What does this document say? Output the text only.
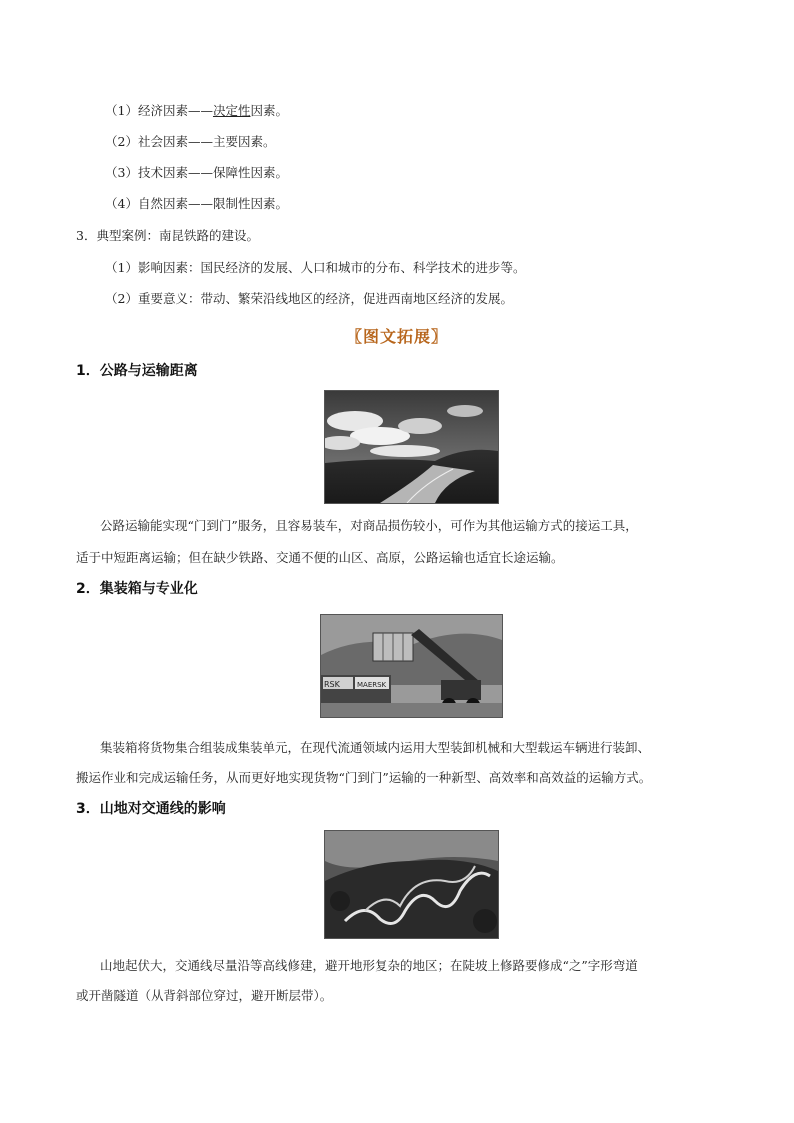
（1）经济因素——决定性因素。
（2）社会因素——主要因素。
（3）技术因素——保障性因素。
（4）自然因素——限制性因素。
3．典型案例：南昆铁路的建设。
（1）影响因素：国民经济的发展、人口和城市的分布、科学技术的进步等。
（2）重要意义：带动、繁荣沿线地区的经济，促进西南地区经济的发展。
〖图文拓展〗
1．公路与运输距离
公路运输能实现“门到门”服务，且容易装车，对商品损伤较小，可作为其他运输方式的接运工具，
适于中短距离运输；但在缺少铁路、交通不便的山区、高原，公路运输也适宜长途运输。
2．集装箱与专业化
RSK MAERSK
集装箱将货物集合组装成集装单元，在现代流通领域内运用大型装卸机械和大型载运车辆进行装卸、
搬运作业和完成运输任务，从而更好地实现货物“门到门”运输的一种新型、高效率和高效益的运输方式。
3．山地对交通线的影响
山地起伏大，交通线尽量沿等高线修建，避开地形复杂的地区；在陡坡上修路要修成“之”字形弯道
或开凿隧道（从背斜部位穿过，避开断层带）。
